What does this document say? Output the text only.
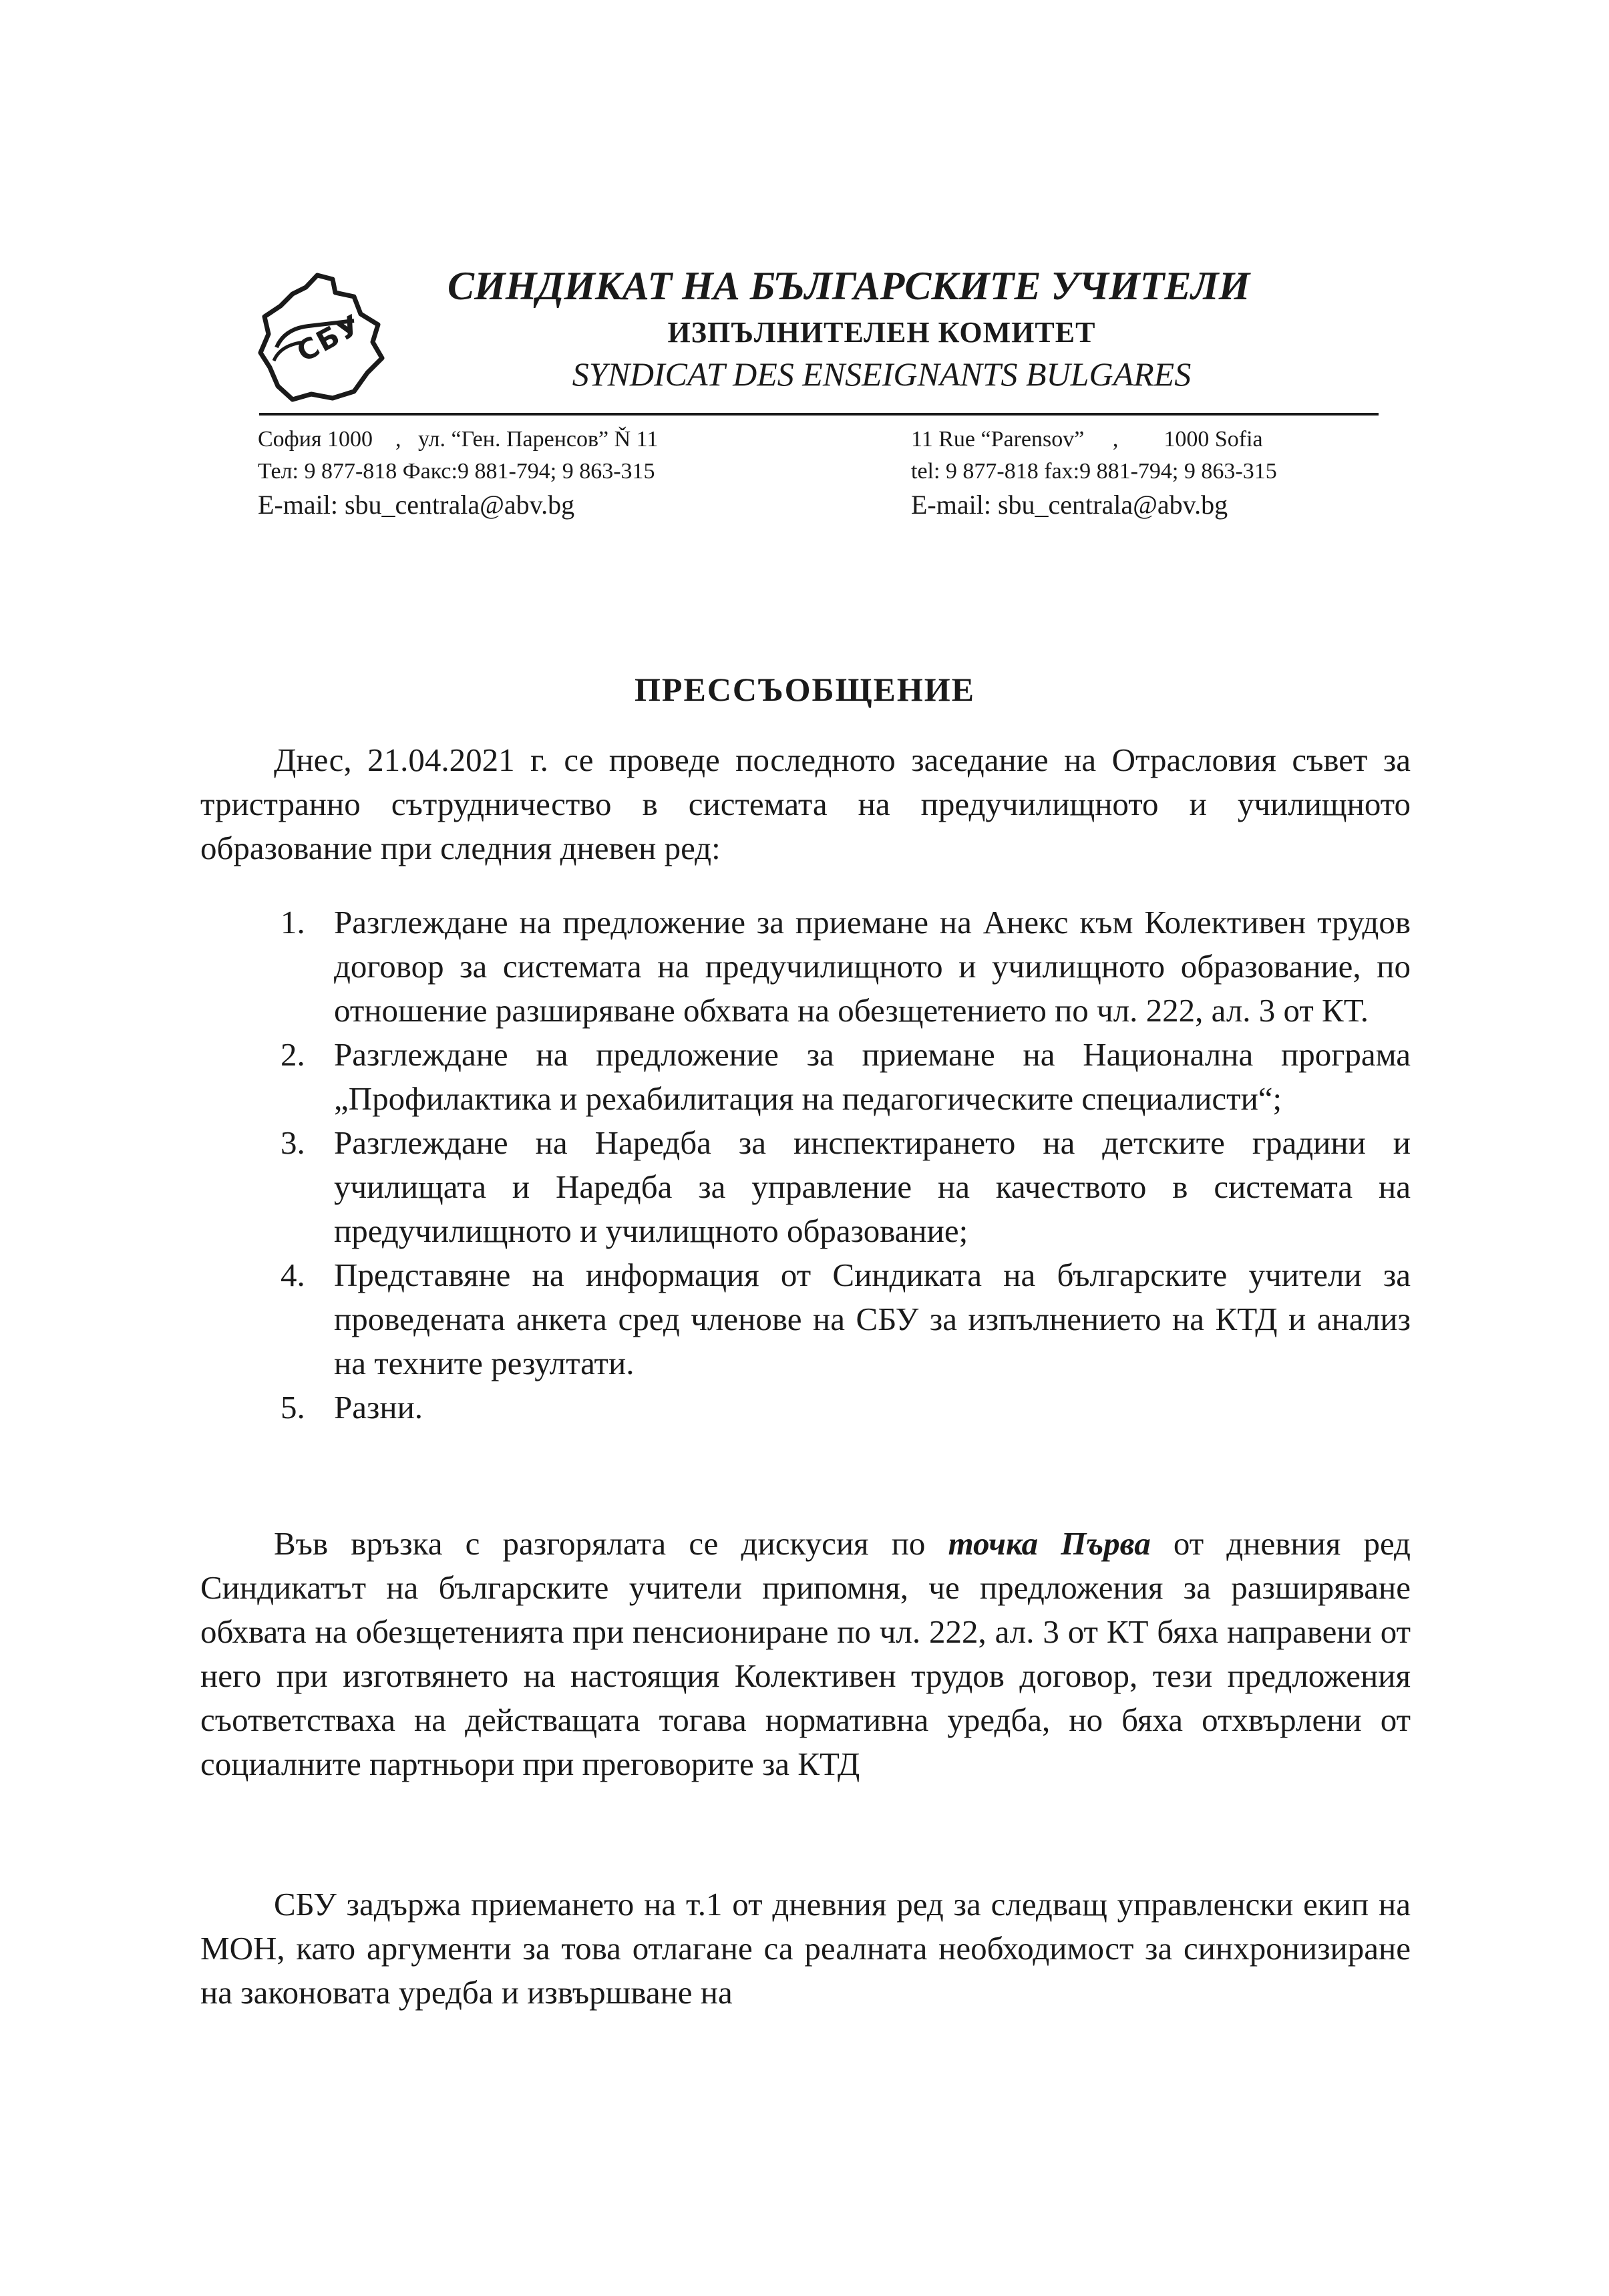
СБУ
СИНДИКАТ НА БЪЛГАРСКИТЕ УЧИТЕЛИ
ИЗПЪЛНИТЕЛЕН КОМИТЕТ
SYNDICAT DES ENSEIGNANTS BULGARES
София 1000    ,   ул. “Ген. Паренсов” Ň 11
Тел: 9 877-818 Факс:9 881-794; 9 863-315
E-mail: sbu_centrala@abv.bg
11 Rue “Parensov”     ,        1000 Sofia
tel: 9 877-818 fax:9 881-794; 9 863-315
E-mail: sbu_centrala@abv.bg
ПРЕССЪОБЩЕНИЕ

Днес, 21.04.2021 г. се проведе последното заседание на Отрасловия съвет за тристранно сътрудничество в системата на предучилищното и училищното образование при следния дневен ред:

1. Разглеждане на предложение за приемане на Анекс към Колективен трудов договор за системата на предучилищното и училищното образование, по отношение разширяване обхвата на обезщетението по чл. 222, ал. 3 от КТ.
2. Разглеждане на предложение за приемане на Национална програма „Профилактика и рехабилитация на педагогическите специалисти“;
3. Разглеждане на Наредба за инспектирането на детските градини и училищата и Наредба за управление на качеството в системата на предучилищното и училищното образование;
4. Представяне на информация от Синдиката на българските учители за проведената анкета сред членове на СБУ за изпълнението на КТД и анализ на техните резултати.
5. Разни.

Във връзка с разгорялата се дискусия по точка Първа от дневния ред Синдикатът на българските учители припомня, че предложения за разширяване обхвата на обезщетенията при пенсиониране по чл. 222, ал. 3 от КТ бяха направени от него при изготвянето на настоящия Колективен трудов договор, тези предложения съответстваха на действащата тогава нормативна уредба, но бяха отхвърлени от социалните партньори при преговорите за КТД

СБУ задържа приемането на т.1 от дневния ред за следващ управленски екип на МОН, като аргументи за това отлагане са реалната необходимост за синхронизиране на законовата уредба и извършване на
